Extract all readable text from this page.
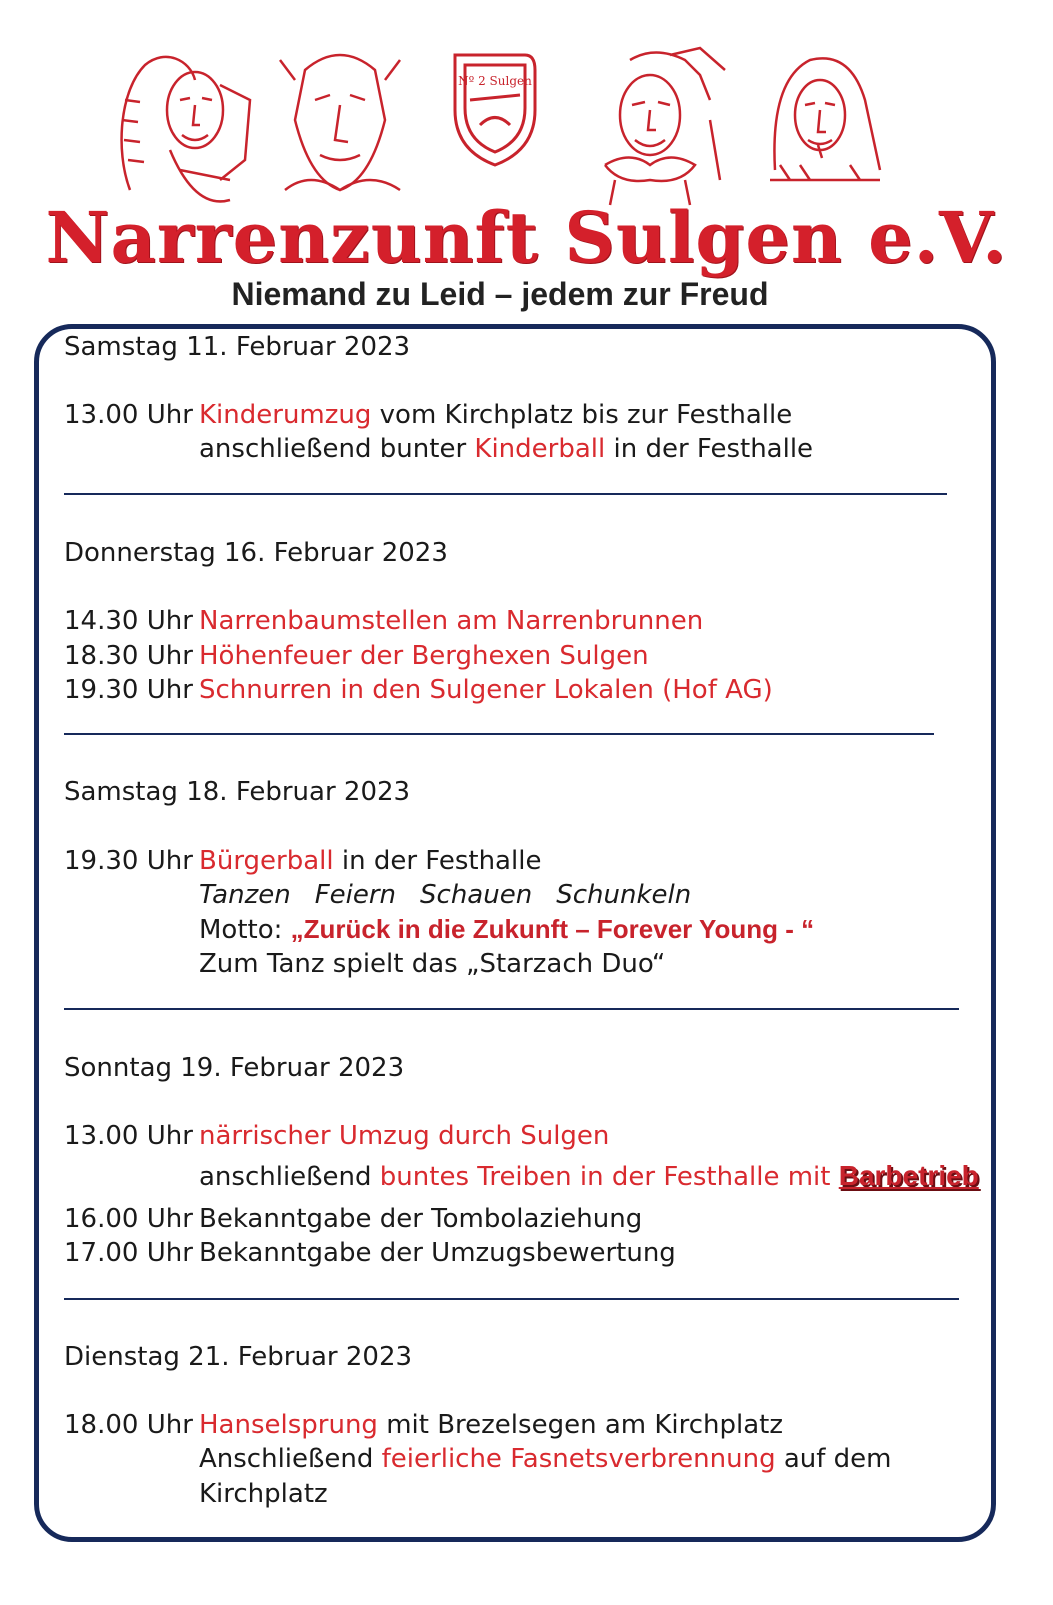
Nº 2 Sulgen
Narrenzunft Sulgen e.V.
Niemand zu Leid – jedem zur Freud
Samstag 11. Februar 2023
13.00 Uhr Kinderumzug vom Kirchplatz bis zur Festhalle
anschließend bunter Kinderball in der Festhalle
Donnerstag 16. Februar 2023
14.30 Uhr Narrenbaumstellen am Narrenbrunnen
18.30 Uhr Höhenfeuer der Berghexen Sulgen
19.30 Uhr Schnurren in den Sulgener Lokalen (Hof AG)
Samstag 18. Februar 2023
19.30 Uhr Bürgerball in der Festhalle
Tanzen Feiern Schauen Schunkeln
Motto: „Zurück in die Zukunft – Forever Young - “
Zum Tanz spielt das „Starzach Duo“
Sonntag 19. Februar 2023
13.00 Uhr närrischer Umzug durch Sulgen
anschließend buntes Treiben in der Festhalle mit Barbetrieb
16.00 Uhr Bekanntgabe der Tombolaziehung
17.00 Uhr Bekanntgabe der Umzugsbewertung
Dienstag 21. Februar 2023
18.00 Uhr Hanselsprung mit Brezelsegen am Kirchplatz
Anschließend feierliche Fasnetsverbrennung auf dem
Kirchplatz
